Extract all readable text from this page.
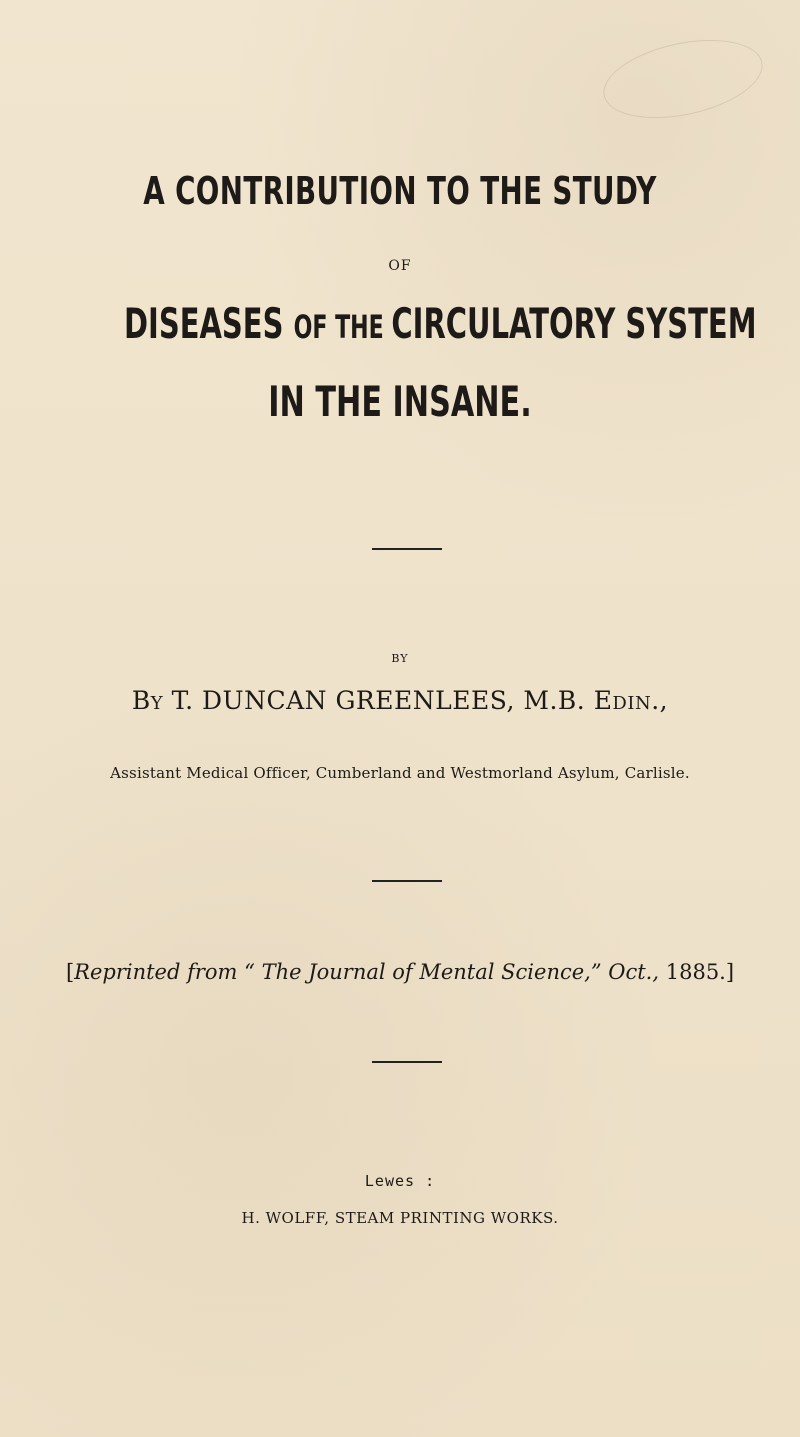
A CONTRIBUTION TO THE STUDY
OF
DISEASES OF THE CIRCULATORY SYSTEM
IN THE INSANE.
BY
By T. DUNCAN GREENLEES, M.B. Edin.,
Assistant Medical Officer, Cumberland and Westmorland Asylum, Carlisle.
[Reprinted from “ The Journal of Mental Science,” Oct., 1885.]
Lewes :
H. WOLFF, STEAM PRINTING WORKS.
